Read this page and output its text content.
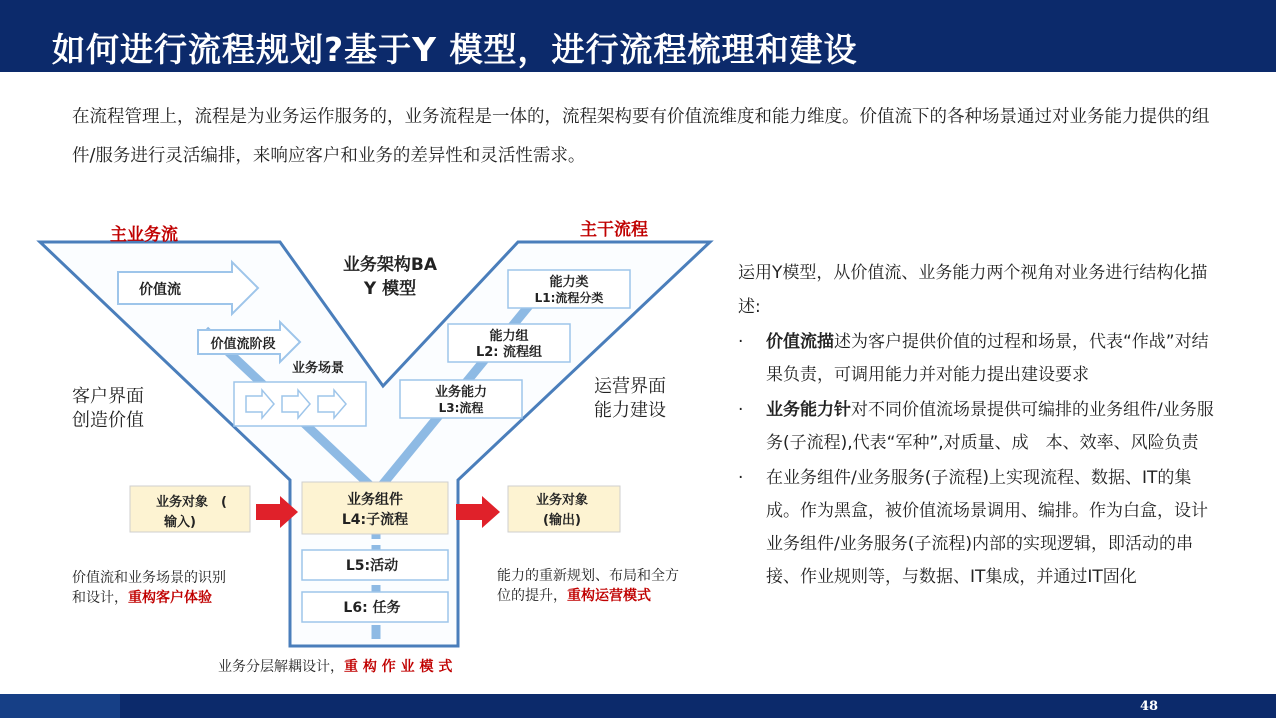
如何进行流程规划?基于Y 模型，进行流程梳理和建设
在流程管理上，流程是为业务运作服务的，业务流程是一体的，流程架构要有价值流维度和能力维度。价值流下的各种场景通过对业务能力提供的组件/服务进行灵活编排，来响应客户和业务的差异性和灵活性需求。
主业务流	主干流程
业务架构BA
Y 模型
价值流
价值流阶段
业务场景
能力类
L1:流程分类
能力组
L2: 流程组
业务能力
L3:流程
客户界面
创造价值
运营界面
能力建设
业务对象　(
输入)
业务组件
L4:子流程
业务对象
(输出)
L5:活动
L6: 任务
价值流和业务场景的识别
和设计，重构客户体验
能力的重新规划、布局和全方
位的提升，重构运营模式
业务分层解耦设计，重 构 作 业 模 式
运用Y模型，从价值流、业务能力两个视角对业务进行结构化描述:
· 价值流描述为客户提供价值的过程和场景，代表“作战”对结果负责，可调用能力并对能力提出建设要求
· 业务能力针对不同价值流场景提供可编排的业务组件/业务服务(子流程),代表“军种”,对质量、成　本、效率、风险负责
· 在业务组件/业务服务(子流程)上实现流程、数据、IT的集成。作为黑盒，被价值流场景调用、编排。作为白盒，设计业务组件/业务服务(子流程)内部的实现逻辑，即活动的串接、作业规则等，与数据、IT集成，并通过IT固化
48
